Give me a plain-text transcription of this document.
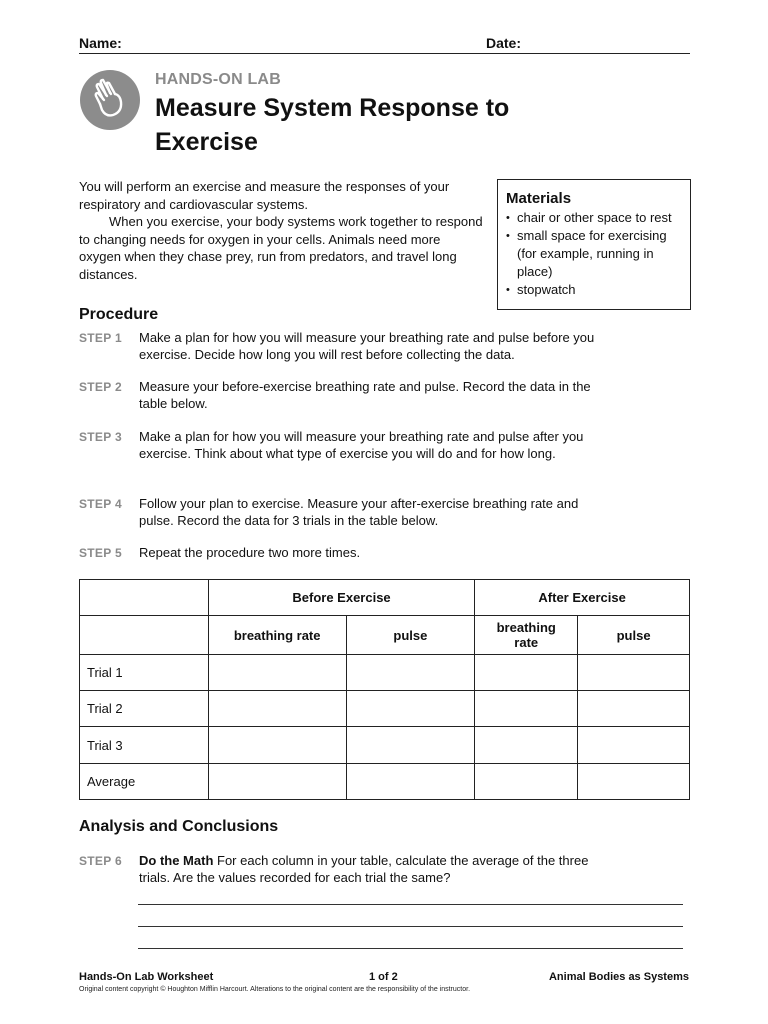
Name:	Date:
HANDS-ON LAB
Measure System Response to
Exercise
You will perform an exercise and measure the responses of your respiratory and cardiovascular systems.
When you exercise, your body systems work together to respond to changing needs for oxygen in your cells. Animals need more oxygen when they chase prey, run from predators, and travel long distances.
Materials
• chair or other space to rest
• small space for exercising (for example, running in place)
• stopwatch
Procedure
STEP 1 Make a plan for how you will measure your breathing rate and pulse before you exercise. Decide how long you will rest before collecting the data.
STEP 2 Measure your before-exercise breathing rate and pulse. Record the data in the table below.
STEP 3 Make a plan for how you will measure your breathing rate and pulse after you exercise. Think about what type of exercise you will do and for how long.
STEP 4 Follow your plan to exercise. Measure your after-exercise breathing rate and pulse. Record the data for 3 trials in the table below.
STEP 5 Repeat the procedure two more times.
	Before Exercise		After Exercise	
	breathing rate	pulse	breathing rate	pulse
Trial 1				
Trial 2				
Trial 3				
Average				
Analysis and Conclusions
STEP 6 Do the Math For each column in your table, calculate the average of the three trials. Are the values recorded for each trial the same?
Hands-On Lab Worksheet	1 of 2	Animal Bodies as Systems
Original content copyright © Houghton Mifflin Harcourt. Alterations to the original content are the responsibility of the instructor.
